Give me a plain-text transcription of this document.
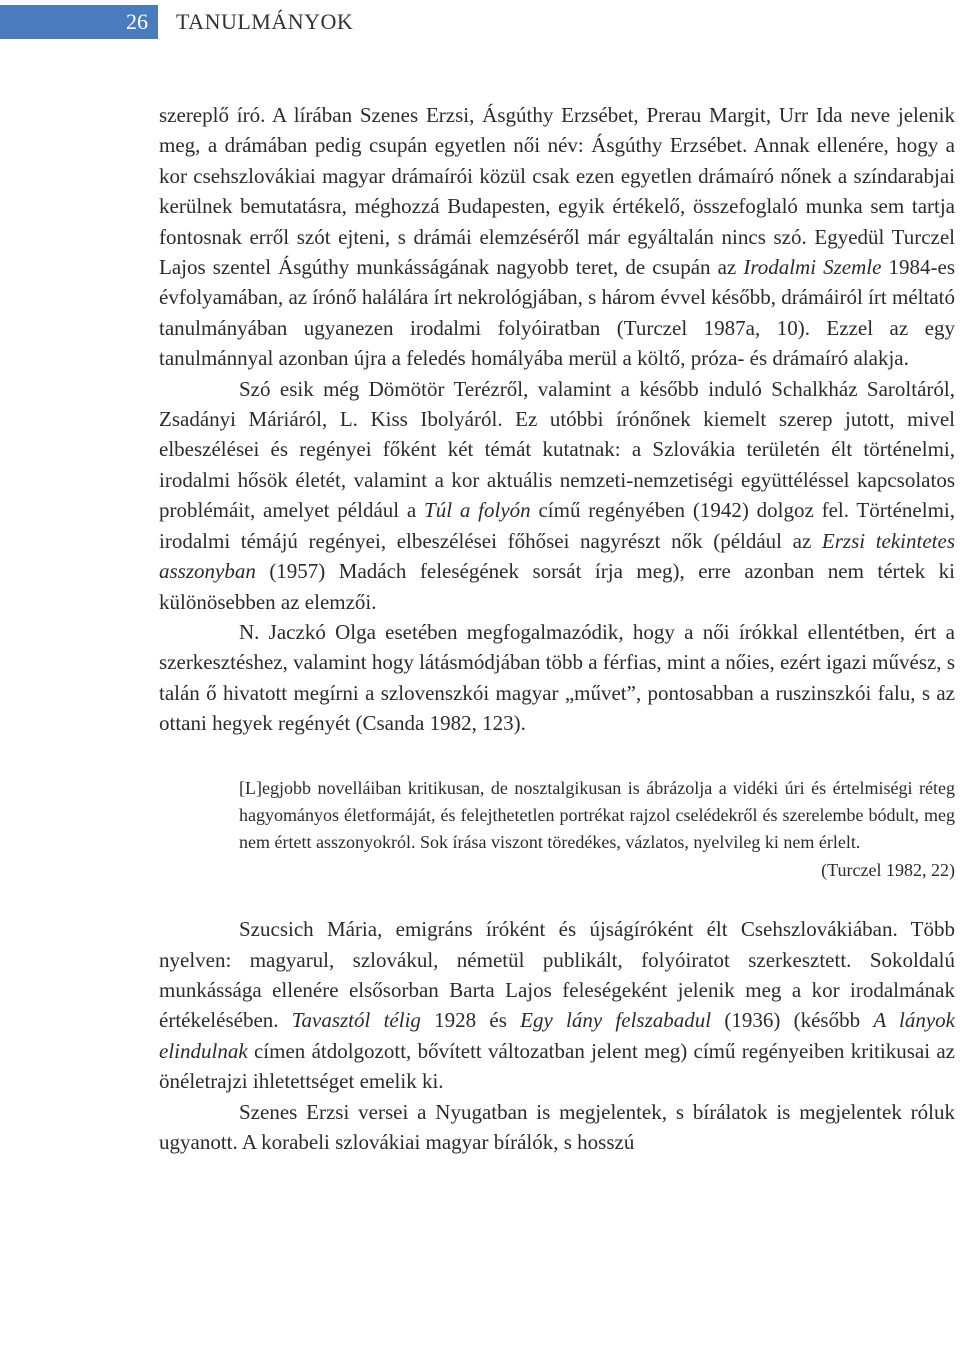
26	TANULMÁNYOK

szereplő író. A lírában Szenes Erzsi, Ásgúthy Erzsébet, Prerau Margit, Urr Ida neve jelenik meg, a drámában pedig csupán egyetlen női név: Ásgúthy Erzsébet. Annak ellenére, hogy a kor csehszlovákiai magyar drámaírói közül csak ezen egyetlen drámaíró nőnek a színdarabjai kerülnek bemutatásra, méghozzá Budapesten, egyik értékelő, összefoglaló munka sem tartja fontosnak erről szót ejteni, s drámái elemzéséről már egyáltalán nincs szó. Egyedül Turczel Lajos szentel Ásgúthy munkásságának nagyobb teret, de csupán az Irodalmi Szemle 1984-es évfolyamában, az írónő halálára írt nekrológjában, s három évvel később, drámáiról írt méltató tanulmányában ugyanezen irodalmi folyóiratban (Turczel 1987a, 10). Ezzel az egy tanulmánnyal azonban újra a feledés homályába merül a költő, próza- és drámaíró alakja.

Szó esik még Dömötör Terézről, valamint a később induló Schalkház Saroltáról, Zsadányi Máriáról, L. Kiss Ibolyáról. Ez utóbbi írónőnek kiemelt szerep jutott, mivel elbeszélései és regényei főként két témát kutatnak: a Szlovákia területén élt történelmi, irodalmi hősök életét, valamint a kor aktuális nemzeti-nemzetiségi együttéléssel kapcsolatos problémáit, amelyet például a Túl a folyón című regényében (1942) dolgoz fel. Történelmi, irodalmi témájú regényei, elbeszélései főhősei nagyrészt nők (például az Erzsi tekintetes asszonyban (1957) Madách feleségének sorsát írja meg), erre azonban nem tértek ki különösebben az elemzői.

N. Jaczkó Olga esetében megfogalmazódik, hogy a női írókkal ellentétben, ért a szerkesztéshez, valamint hogy látásmódjában több a férfias, mint a nőies, ezért igazi művész, s talán ő hivatott megírni a szlovenszkói magyar „művet”, pontosabban a ruszinszkói falu, s az ottani hegyek regényét (Csanda 1982, 123).

[L]egjobb novelláiban kritikusan, de nosztalgikusan is ábrázolja a vidéki úri és értelmiségi réteg hagyományos életformáját, és felejthetetlen portrékat rajzol cselédekről és szerelembe bódult, meg nem értett asszonyokról. Sok írása viszont töredékes, vázlatos, nyelvileg ki nem érlelt.
(Turczel 1982, 22)

Szucsich Mária, emigráns íróként és újságíróként élt Csehszlovákiában. Több nyelven: magyarul, szlovákul, németül publikált, folyóiratot szerkesztett. Sokoldalú munkássága ellenére elsősorban Barta Lajos feleségeként jelenik meg a kor irodalmának értékelésében. Tavasztól télig 1928 és Egy lány felszabadul (1936) (később A lányok elindulnak címen átdolgozott, bővített változatban jelent meg) című regényeiben kritikusai az önéletrajzi ihletettséget emelik ki.

Szenes Erzsi versei a Nyugatban is megjelentek, s bírálatok is megjelentek róluk ugyanott. A korabeli szlovákiai magyar bírálók, s hosszú
